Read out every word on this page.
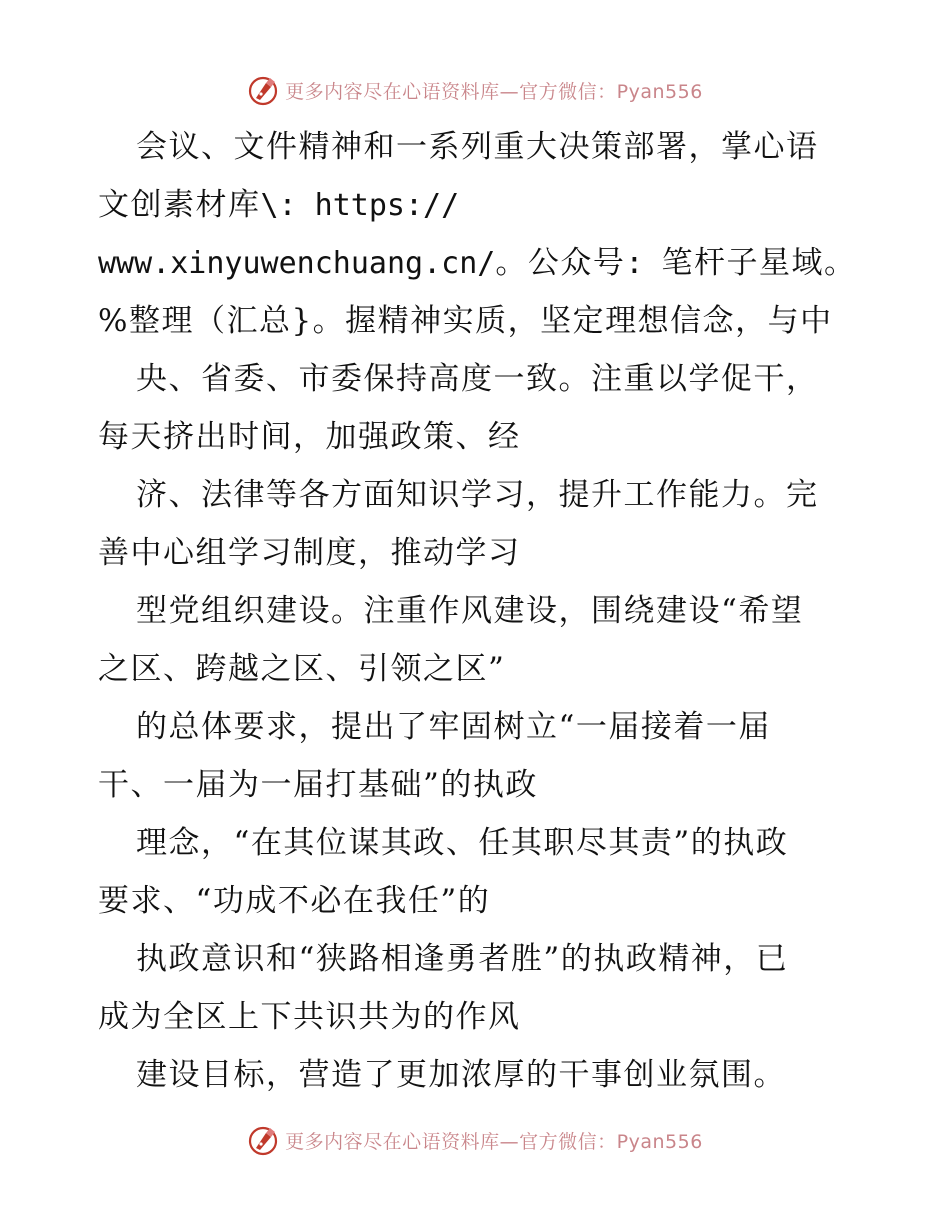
更多内容尽在心语资料库—官方微信：Pyan556
会议、文件精神和一系列重大决策部署，掌心语
文创素材库\: https://
www.xinyuwenchuang.cn/。公众号: 笔杆子星域。
%整理（汇总}。握精神实质，坚定理想信念，与中
央、省委、市委保持高度一致。注重以学促干，
每天挤出时间，加强政策、经
济、法律等各方面知识学习，提升工作能力。完
善中心组学习制度，推动学习
型党组织建设。注重作风建设，围绕建设“希望
之区、跨越之区、引领之区”
的总体要求，提出了牢固树立“一届接着一届
干、一届为一届打基础”的执政
理念，“在其位谋其政、任其职尽其责”的执政
要求、“功成不必在我任”的
执政意识和“狭路相逢勇者胜”的执政精神，已
成为全区上下共识共为的作风
建设目标，营造了更加浓厚的干事创业氛围。
更多内容尽在心语资料库—官方微信：Pyan556
